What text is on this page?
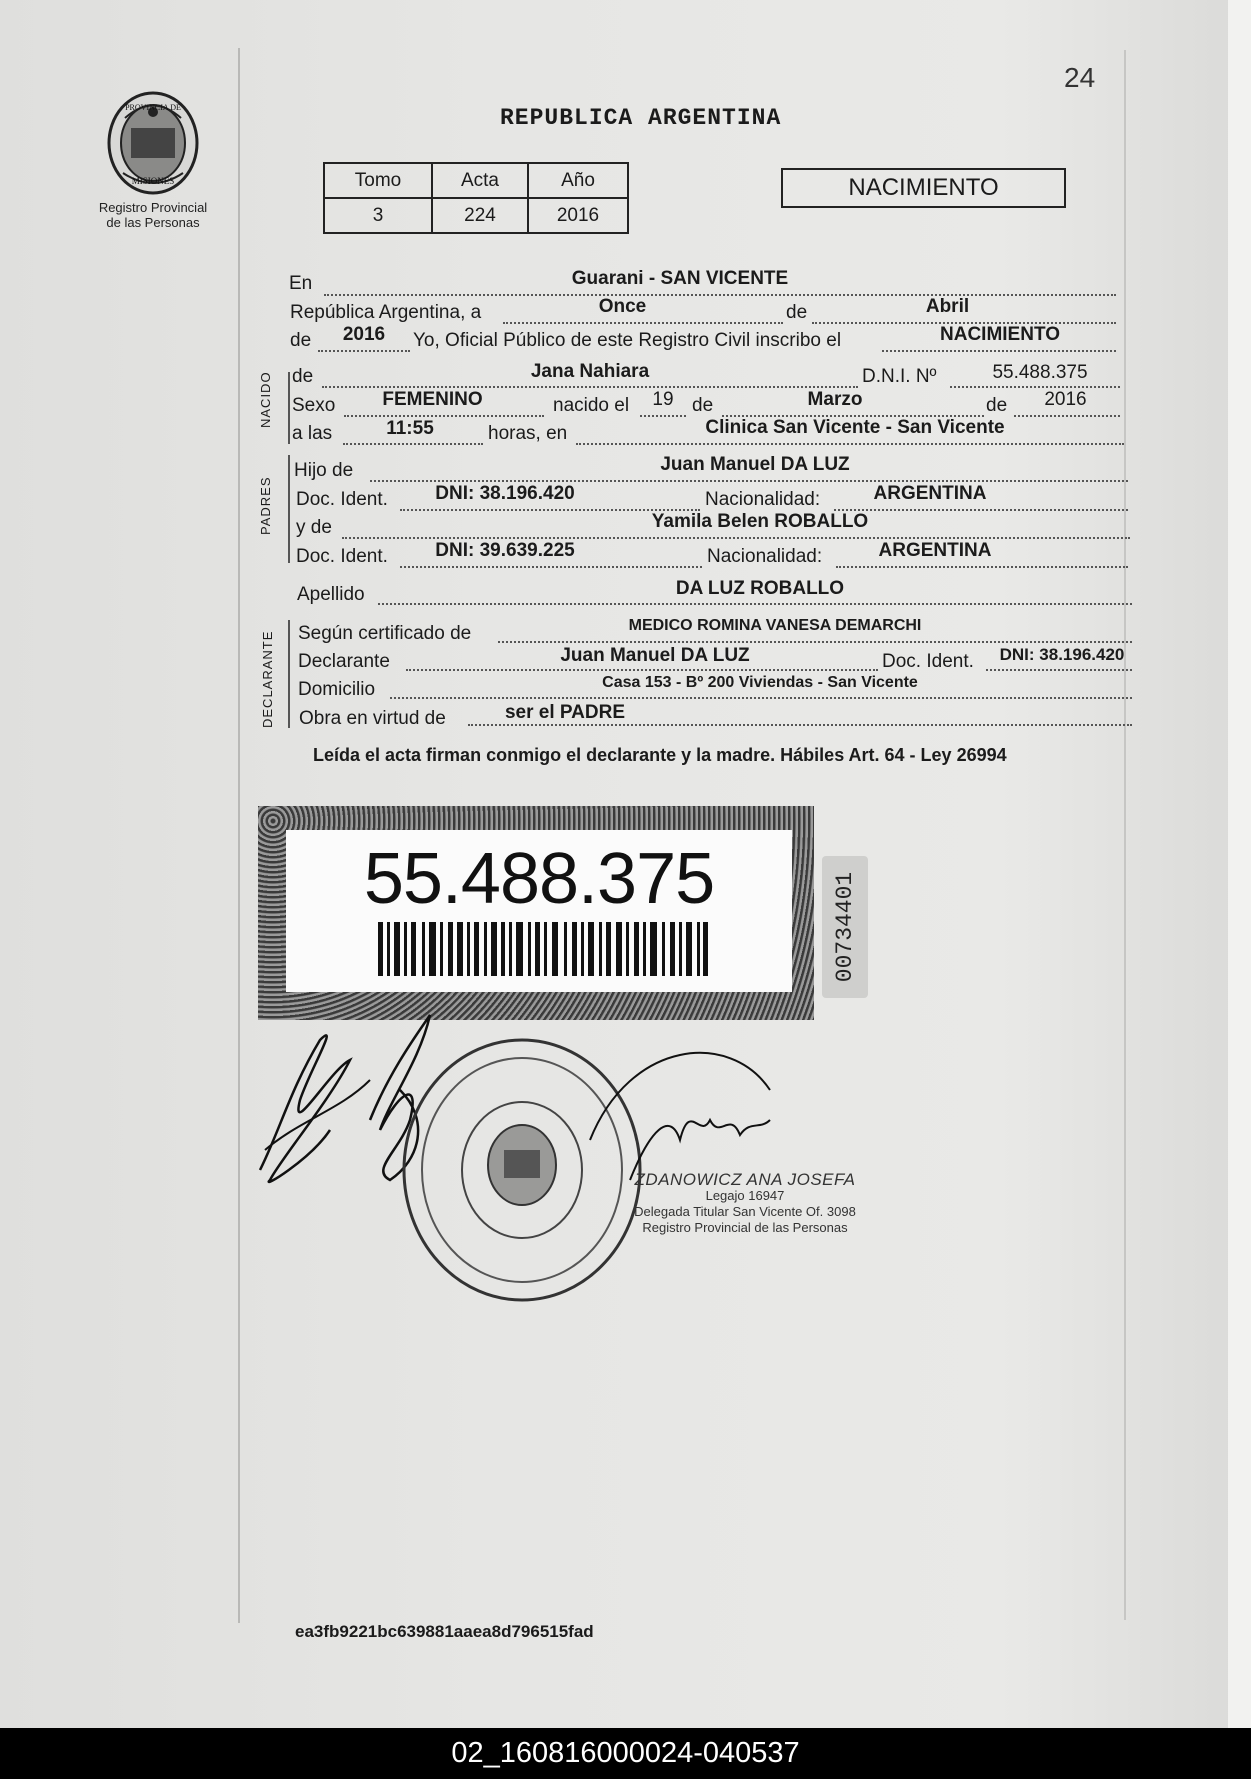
PROVINCIA DE
MISIONES
Registro Provincial
de las Personas
24
REPUBLICA ARGENTINA
Tomo	Acta	Año
3	224	2016
NACIMIENTO
En	Guarani - SAN VICENTE
República Argentina, a	Once	de	Abril
de	2016	Yo, Oficial Público de este Registro Civil inscribo el	NACIMIENTO
NACIDO de	Jana Nahiara	D.N.I. Nº	55.488.375
Sexo	FEMENINO	nacido el	19 de	Marzo	de	2016
a las	11:55	horas, en	Clinica San Vicente - San Vicente
PADRES
Hijo de	Juan Manuel DA LUZ
Doc. Ident.	DNI: 38.196.420	Nacionalidad:	ARGENTINA
y de	Yamila Belen ROBALLO
Doc. Ident.	DNI: 39.639.225	Nacionalidad:	ARGENTINA
Apellido	DA LUZ ROBALLO
DECLARANTE Según certificado de	MEDICO ROMINA VANESA DEMARCHI
Declarante	Juan Manuel DA LUZ	Doc. Ident.	DNI: 38.196.420
Domicilio	Casa 153 - Bº 200 Viviendas - San Vicente
Obra en virtud de	ser el PADRE
Leída el acta firman conmigo el declarante y la madre. Hábiles Art. 64 - Ley 26994
55.488.375	00734401
ZDANOWICZ ANA JOSEFA
Legajo 16947
Delegada Titular San Vicente Of. 3098
Registro Provincial de las Personas
ea3fb9221bc639881aaea8d796515fad
02_160816000024-040537
